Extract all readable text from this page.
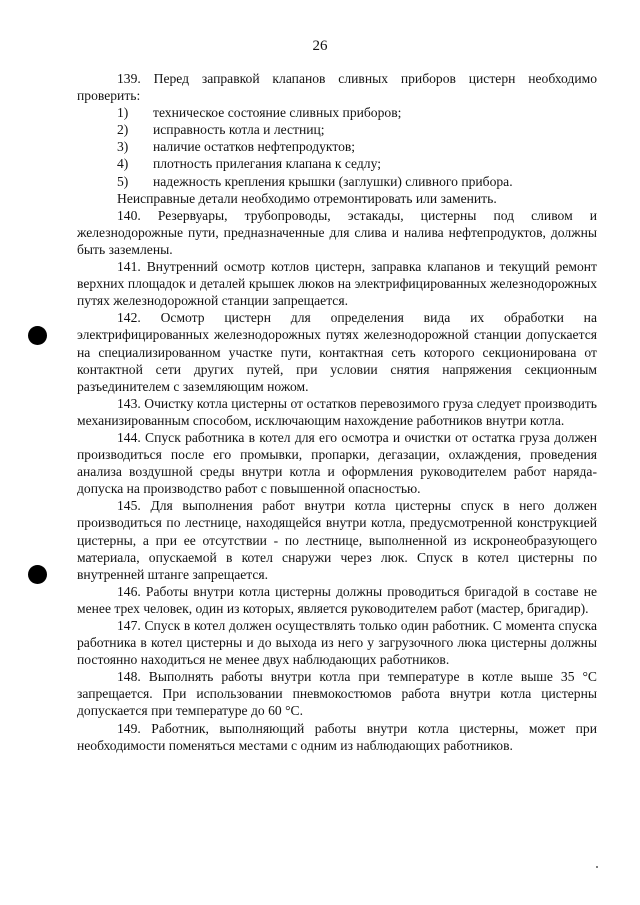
26

139. Перед заправкой клапанов сливных приборов цистерн необходимо проверить:

1)	техническое состояние сливных приборов;
2)	исправность котла и лестниц;
3)	наличие остатков нефтепродуктов;
4)	плотность прилегания клапана к седлу;
5)	надежность крепления крышки (заглушки) сливного прибора.

Неисправные детали необходимо отремонтировать или заменить.

140. Резервуары, трубопроводы, эстакады, цистерны под сливом и железнодорожные пути, предназначенные для слива и налива нефтепродуктов, должны быть заземлены.

141. Внутренний осмотр котлов цистерн, заправка клапанов и текущий ремонт верхних площадок и деталей крышек люков на электрифицированных железнодорожных путях железнодорожной станции запрещается.

142. Осмотр цистерн для определения вида их обработки на электрифицированных железнодорожных путях железнодорожной станции допускается на специализированном участке пути, контактная сеть которого секционирована от контактной сети других путей, при условии снятия напряжения секционным разъединителем с заземляющим ножом.

143. Очистку котла цистерны от остатков перевозимого груза следует производить механизированным способом, исключающим нахождение работников внутри котла.

144. Спуск работника в котел для его осмотра и очистки от остатка груза должен производиться после его промывки, пропарки, дегазации, охлаждения, проведения анализа воздушной среды внутри котла и оформления руководителем работ наряда-допуска на производство работ с повышенной опасностью.

145. Для выполнения работ внутри котла цистерны спуск в него должен производиться по лестнице, находящейся внутри котла, предусмотренной конструкцией цистерны, а при ее отсутствии - по лестнице, выполненной из искронеобразующего материала, опускаемой в котел снаружи через люк. Спуск в котел цистерны по внутренней штанге запрещается.

146. Работы внутри котла цистерны должны проводиться бригадой в составе не менее трех человек, один из которых, является руководителем работ (мастер, бригадир).

147. Спуск в котел должен осуществлять только один работник. С момента спуска работника в котел цистерны и до выхода из него у загрузочного люка цистерны должны постоянно находиться не менее двух наблюдающих работников.

148. Выполнять работы внутри котла при температуре в котле выше 35 °С запрещается. При использовании пневмокостюмов работа внутри котла цистерны допускается при температуре до 60 °С.

149. Работник, выполняющий работы внутри котла цистерны, может при необходимости поменяться местами с одним из наблюдающих работников.
